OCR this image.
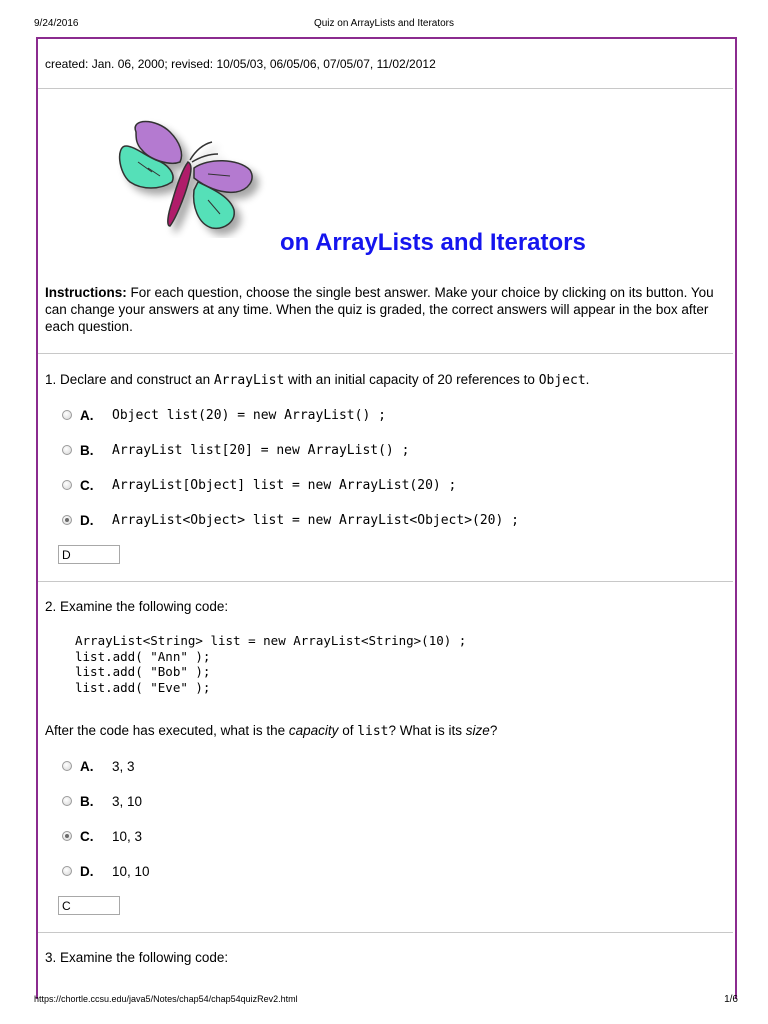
9/24/2016	Quiz on ArrayLists and Iterators
created: Jan. 06, 2000; revised: 10/05/03, 06/05/06, 07/05/07, 11/02/2012
on ArrayLists and Iterators
Instructions: For each question, choose the single best answer. Make your choice by clicking on its button. You can change your answers at any time. When the quiz is graded, the correct answers will appear in the box after each question.
1. Declare and construct an ArrayList with an initial capacity of 20 references to Object.
A.	Object list(20) = new ArrayList() ;
B.	ArrayList list[20] = new ArrayList() ;
C.	ArrayList[Object] list = new ArrayList(20) ;
D.	ArrayList<Object> list = new ArrayList<Object>(20) ;
D
2. Examine the following code:
ArrayList<String> list = new ArrayList<String>(10) ;
list.add( "Ann" );
list.add( "Bob" );
list.add( "Eve" );
After the code has executed, what is the capacity of list? What is its size?
A.	3, 3
B.	3, 10
C.	10, 3
D.	10, 10
C
3. Examine the following code:
https://chortle.ccsu.edu/java5/Notes/chap54/chap54quizRev2.html	1/6
